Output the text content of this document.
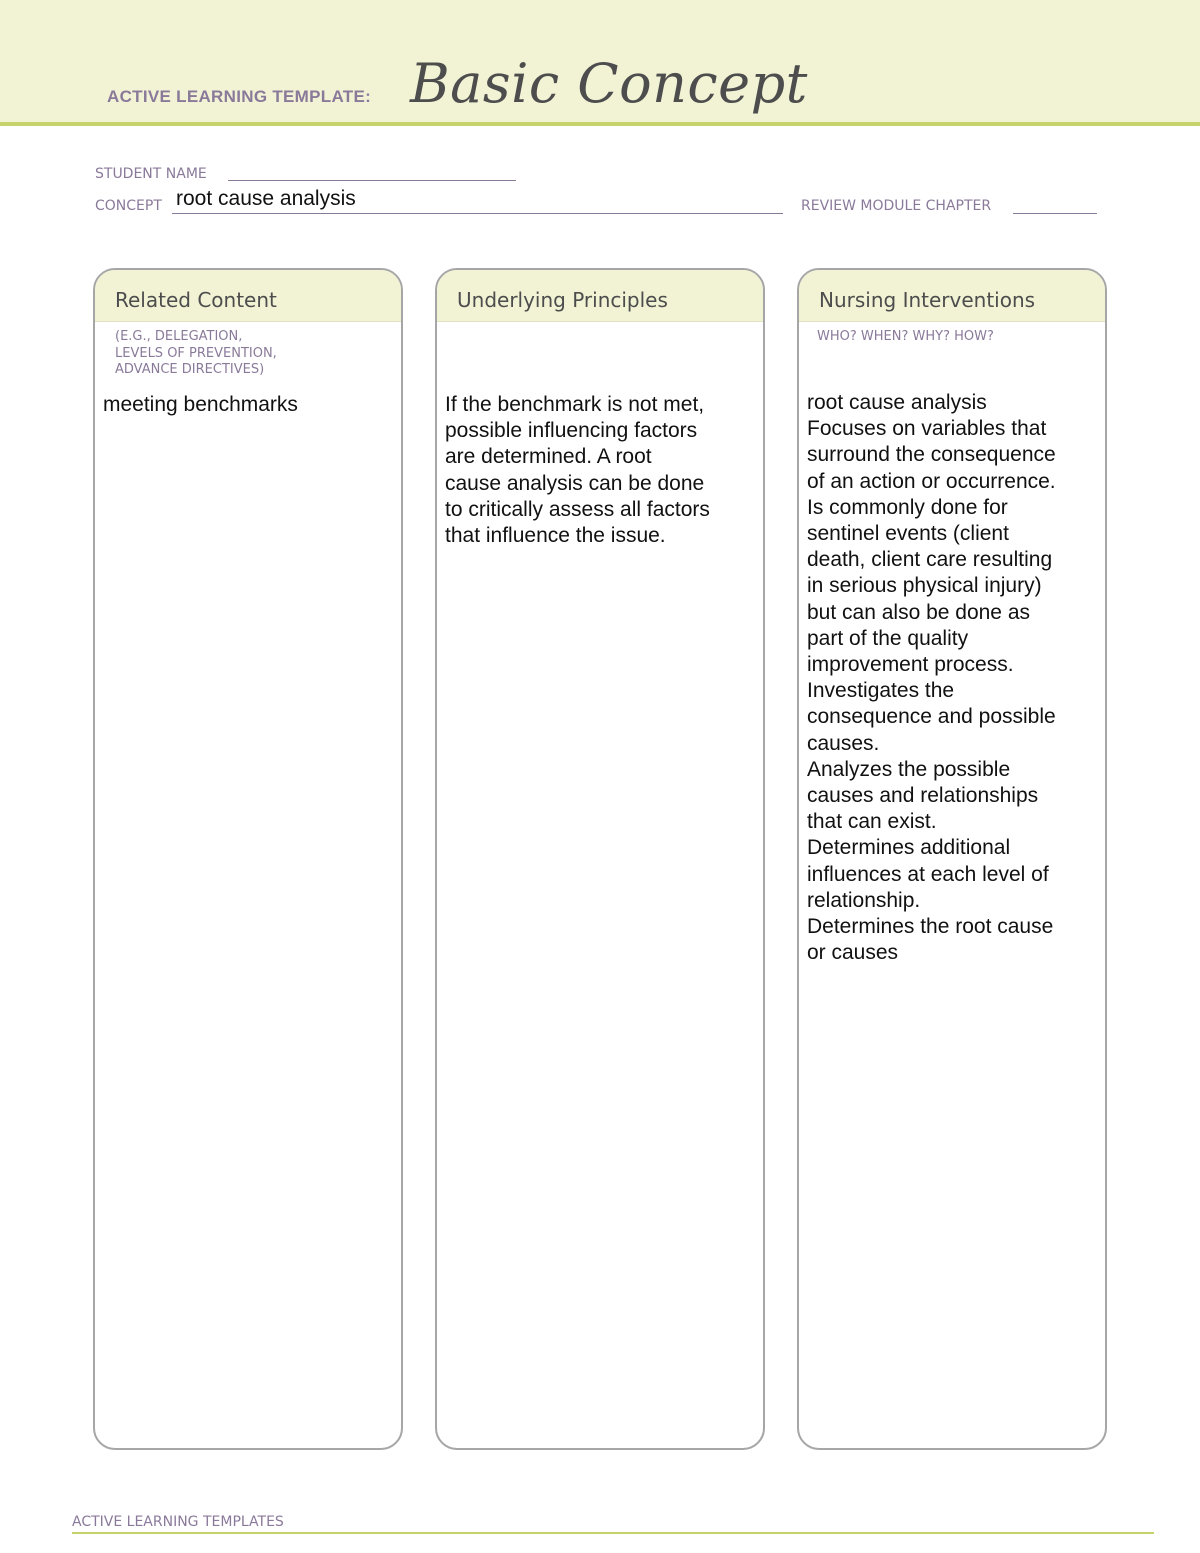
ACTIVE LEARNING TEMPLATE: Basic Concept
STUDENT NAME
CONCEPT root cause analysis	REVIEW MODULE CHAPTER
Related Content
(E.G., DELEGATION,
LEVELS OF PREVENTION,
ADVANCE DIRECTIVES)
meeting benchmarks
Underlying Principles
If the benchmark is not met,
possible influencing factors
are determined. A root
cause analysis can be done
to critically assess all factors
that influence the issue.
Nursing Interventions
WHO? WHEN? WHY? HOW?
root cause analysis
Focuses on variables that
surround the consequence
of an action or occurrence.
Is commonly done for
sentinel events (client
death, client care resulting
in serious physical injury)
but can also be done as
part of the quality
improvement process.
Investigates the
consequence and possible
causes.
Analyzes the possible
causes and relationships
that can exist.
Determines additional
influences at each level of
relationship.
Determines the root cause
or causes
ACTIVE LEARNING TEMPLATES
